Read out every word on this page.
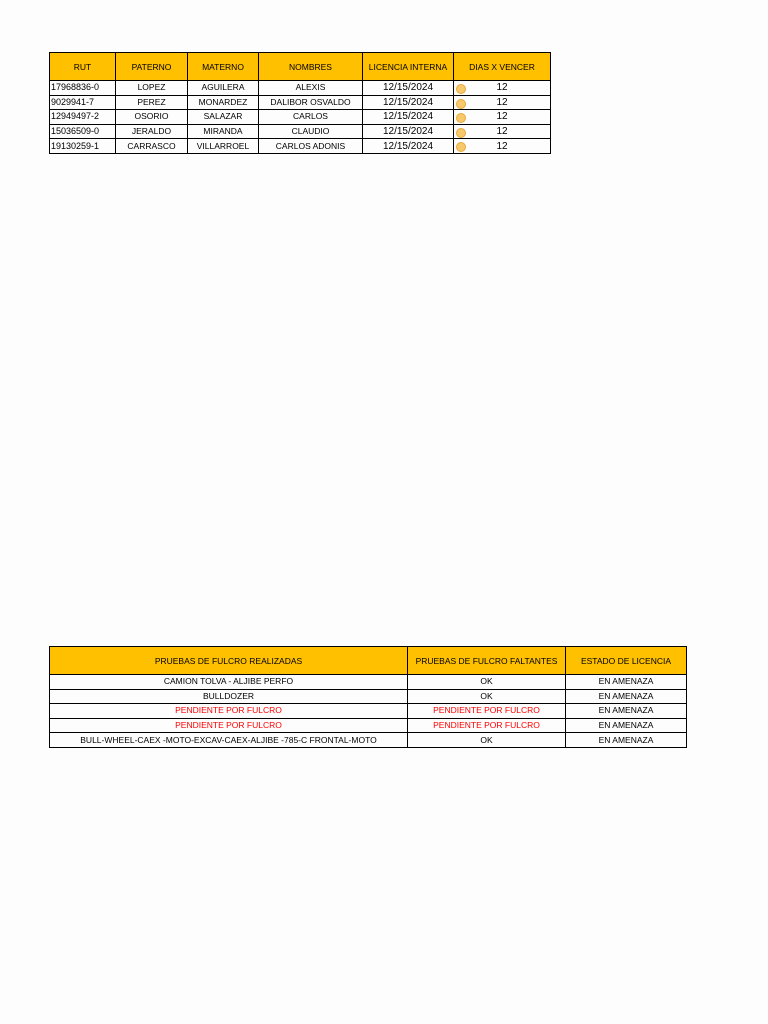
RUT	PATERNO	MATERNO	NOMBRES	LICENCIA INTERNA	DIAS X VENCER
17968836-0	LOPEZ	AGUILERA	ALEXIS	12/15/2024	12
9029941-7	PEREZ	MONARDEZ	DALIBOR OSVALDO	12/15/2024	12
12949497-2	OSORIO	SALAZAR	CARLOS	12/15/2024	12
15036509-0	JERALDO	MIRANDA	CLAUDIO	12/15/2024	12
19130259-1	CARRASCO	VILLARROEL	CARLOS ADONIS	12/15/2024	12
PRUEBAS DE FULCRO REALIZADAS	PRUEBAS DE FULCRO FALTANTES	ESTADO DE LICENCIA
CAMION TOLVA - ALJIBE PERFO	OK	EN AMENAZA
BULLDOZER	OK	EN AMENAZA
PENDIENTE POR FULCRO	PENDIENTE POR FULCRO	EN AMENAZA
PENDIENTE POR FULCRO	PENDIENTE POR FULCRO	EN AMENAZA
BULL-WHEEL-CAEX -MOTO-EXCAV-CAEX-ALJIBE -785-C FRONTAL-MOTO	OK	EN AMENAZA
